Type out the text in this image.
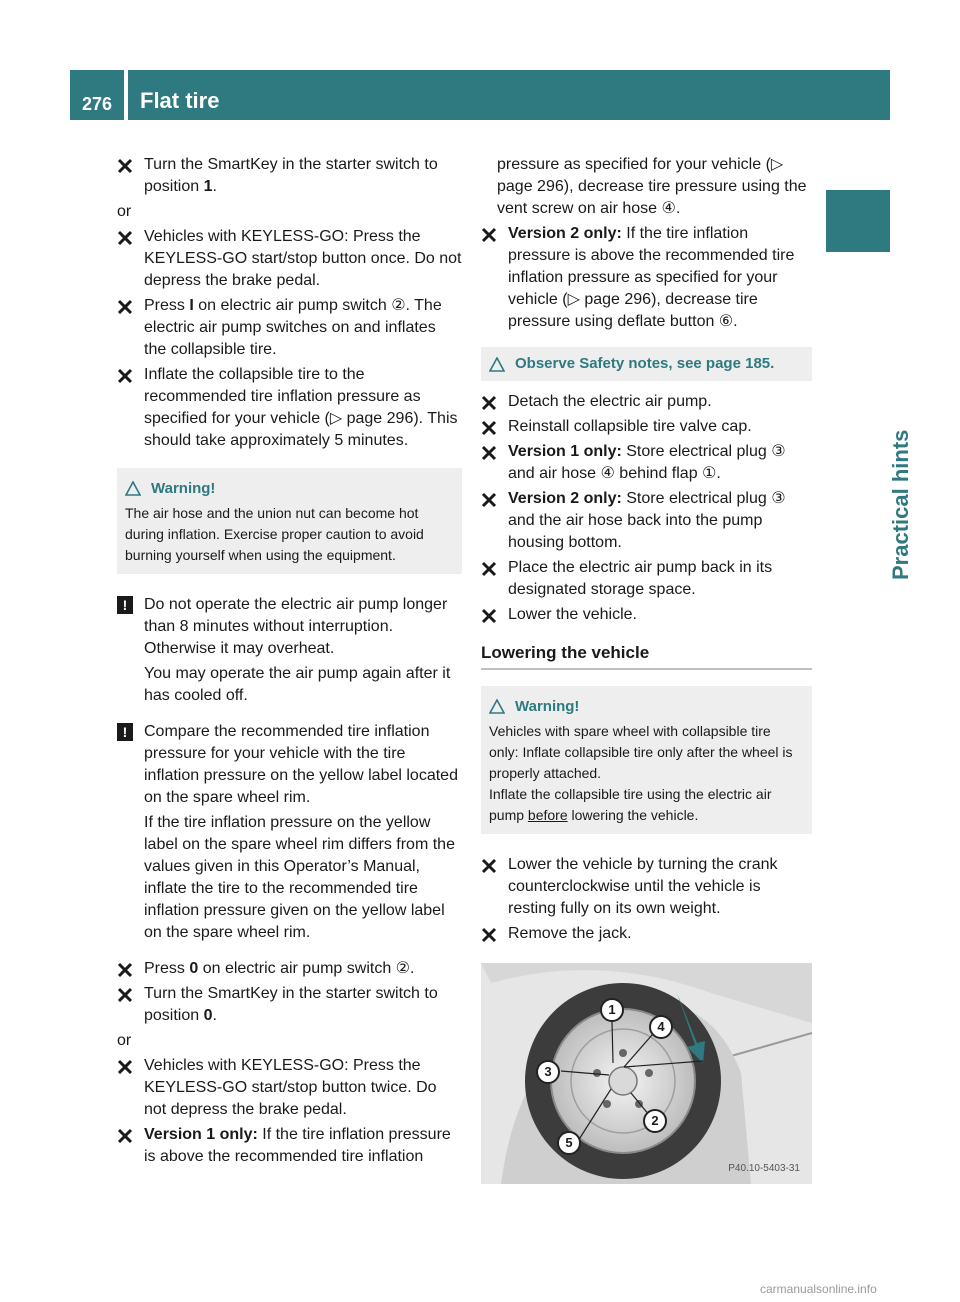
276 Flat tire
Practical hints
Turn the SmartKey in the starter switch to position 1.
or
Vehicles with KEYLESS-GO: Press the KEYLESS-GO start/stop button once. Do not depress the brake pedal.
Press I on electric air pump switch ②. The electric air pump switches on and inflates the collapsible tire.
Inflate the collapsible tire to the recommended tire inflation pressure as specified for your vehicle (▷ page 296). This should take approximately 5 minutes.
Warning!
The air hose and the union nut can become hot during inflation. Exercise proper caution to avoid burning yourself when using the equipment.
!	Do not operate the electric air pump longer than 8 minutes without interruption. Otherwise it may overheat.

You may operate the air pump again after it has cooled off.

!	Compare the recommended tire inflation pressure for your vehicle with the tire inflation pressure on the yellow label located on the spare wheel rim.

If the tire inflation pressure on the yellow label on the spare wheel rim differs from the values given in this Operator’s Manual, inflate the tire to the recommended tire inflation pressure given on the yellow label on the spare wheel rim.

Press 0 on electric air pump switch ②.
Turn the SmartKey in the starter switch to position 0.
or
Vehicles with KEYLESS-GO: Press the KEYLESS-GO start/stop button twice. Do not depress the brake pedal.
Version 1 only: If the tire inflation pressure is above the recommended tire inflation
pressure as specified for your vehicle (▷ page 296), decrease tire pressure using the vent screw on air hose ④.
Version 2 only: If the tire inflation pressure is above the recommended tire inflation pressure as specified for your vehicle (▷ page 296), decrease tire pressure using deflate button ⑥.
Observe Safety notes, see page 185.
Detach the electric air pump.
Reinstall collapsible tire valve cap.
Version 1 only: Store electrical plug ③ and air hose ④ behind flap ①.
Version 2 only: Store electrical plug ③ and the air hose back into the pump housing bottom.
Place the electric air pump back in its designated storage space.
Lower the vehicle.
Lowering the vehicle
Warning!
Vehicles with spare wheel with collapsible tire only: Inflate collapsible tire only after the wheel is properly attached.
Inflate the collapsible tire using the electric air pump before lowering the vehicle.
Lower the vehicle by turning the crank counterclockwise until the vehicle is resting fully on its own weight.
Remove the jack.
1
4
3
2
5
P40.10-5403-31
carmanualsonline.info
